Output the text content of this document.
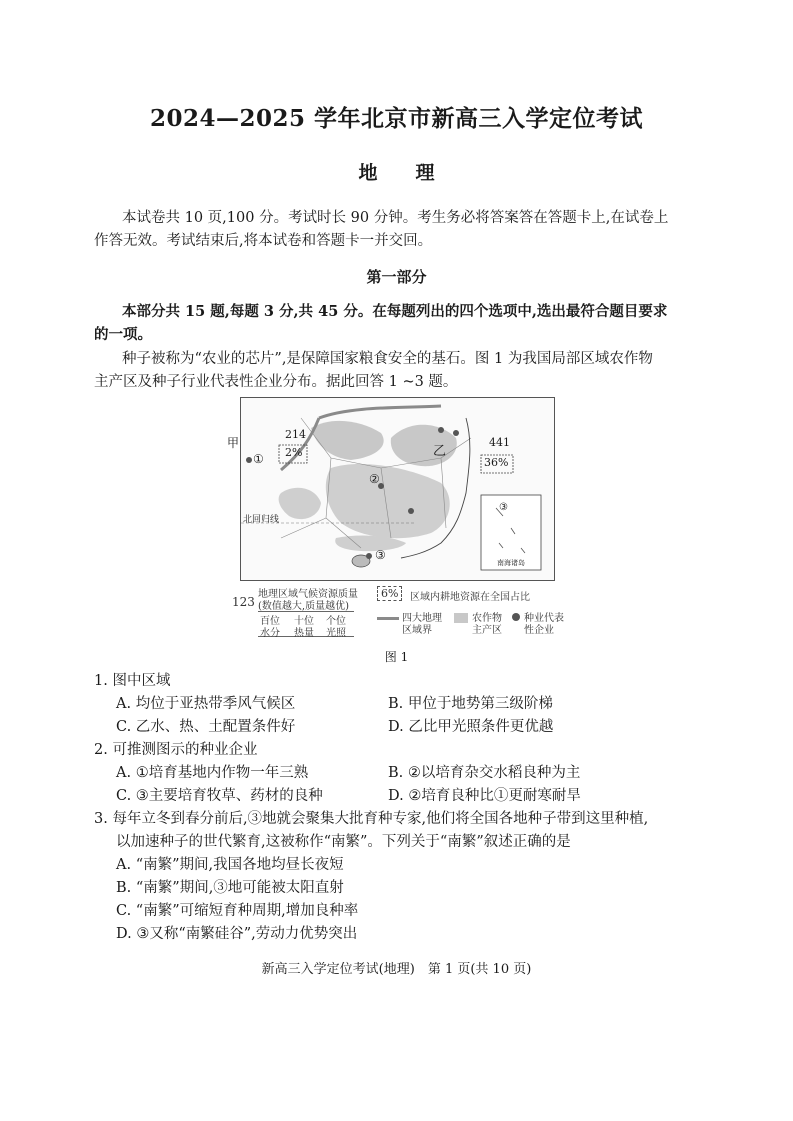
2024—2025 学年北京市新高三入学定位考试
地　　理
本试卷共 10 页,100 分。考试时长 90 分钟。考生务必将答案答在答题卡上,在试卷上
作答无效。考试结束后,将本试卷和答题卡一并交回。
第一部分
本部分共 15 题,每题 3 分,共 45 分。在每题列出的四个选项中,选出最符合题目要求
的一项。
种子被称为“农业的芯片”,是保障国家粮食安全的基石。图 1 为我国局部区域农作物
主产区及种子行业代表性企业分布。据此回答 1 ~3 题。
甲
214
2%	乙
441
36%
①
②
③
③
北回归线
南海诸岛
123
地理区域气候资源质量
(数值越大,质量越优)
百位 十位 个位
水分 热量 光照
6%	区域内耕地资源在全国占比
四大地理
区域界
农作物
主产区
种业代表
性企业
图 1
1. 图中区域
A. 均位于亚热带季风气候区	B. 甲位于地势第三级阶梯
C. 乙水、热、土配置条件好	D. 乙比甲光照条件更优越
2. 可推测图示的种业企业
A. ①培育基地内作物一年三熟	B. ②以培育杂交水稻良种为主
C. ③主要培育牧草、药材的良种	D. ②培育良种比①更耐寒耐旱
3. 每年立冬到春分前后,③地就会聚集大批育种专家,他们将全国各地种子带到这里种植,
以加速种子的世代繁育,这被称作“南繁”。下列关于“南繁”叙述正确的是
A. “南繁”期间,我国各地均昼长夜短
B. “南繁”期间,③地可能被太阳直射
C. “南繁”可缩短育种周期,增加良种率
D. ③又称“南繁硅谷”,劳动力优势突出
新高三入学定位考试(地理)　第 1 页(共 10 页)
